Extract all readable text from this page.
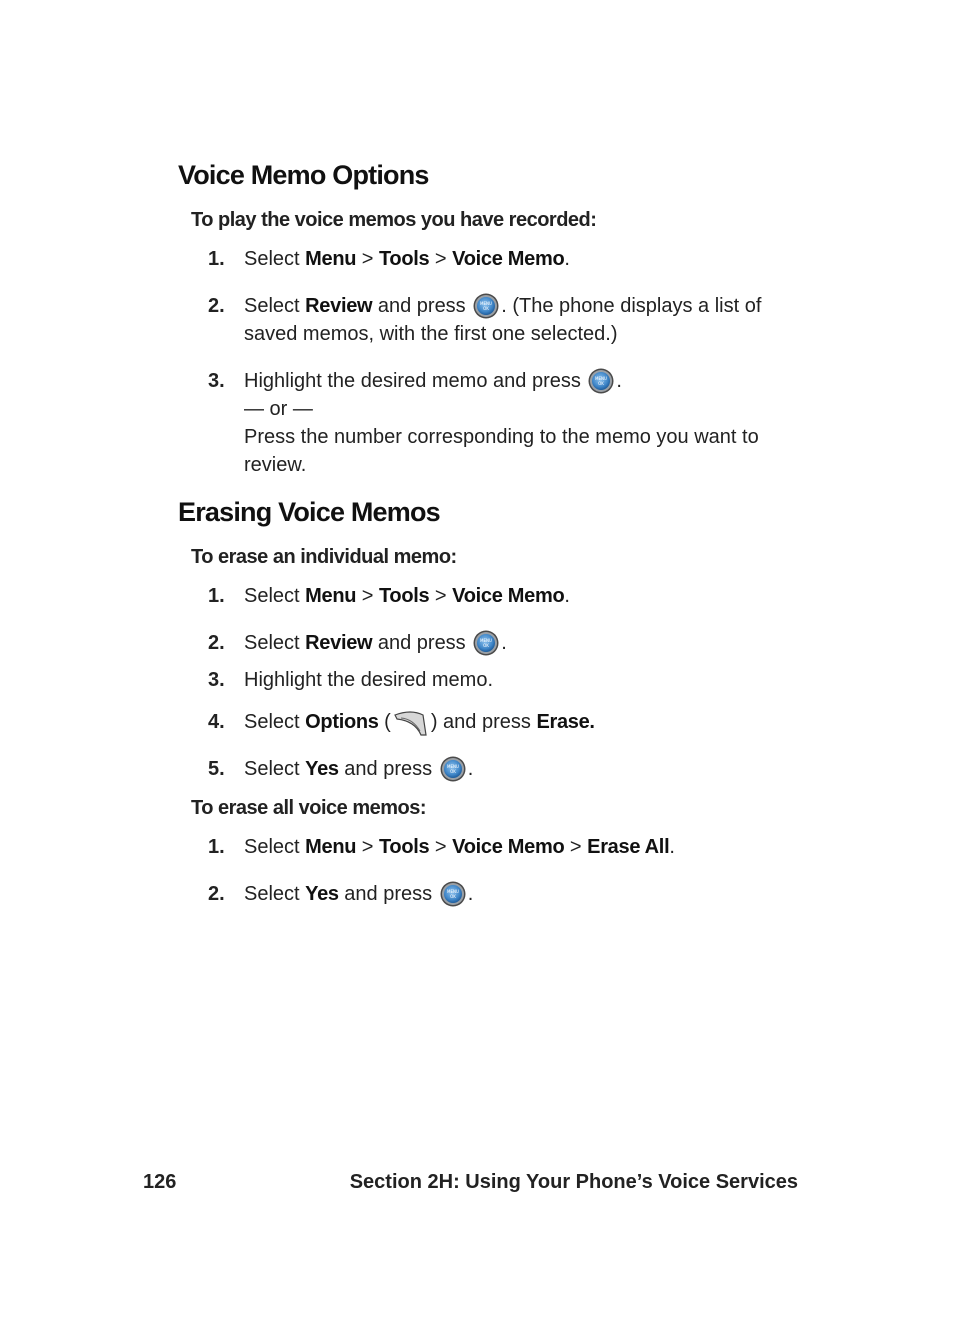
Voice Memo Options

To play the voice memos you have recorded:

1. Select Menu > Tools > Voice Memo.
2. Select Review and press . (The phone displays a list of saved memos, with the first one selected.)
3. Highlight the desired memo and press .
— or —
Press the number corresponding to the memo you want to review.
Erasing Voice Memos

To erase an individual memo:

1. Select Menu > Tools > Voice Memo.
2. Select Review and press .
3. Highlight the desired memo.
4. Select Options ( ) and press Erase.
5. Select Yes and press .

To erase all voice memos:

1. Select Menu > Tools > Voice Memo > Erase All.
2. Select Yes and press .
126	Section 2H: Using Your Phone’s Voice Services
